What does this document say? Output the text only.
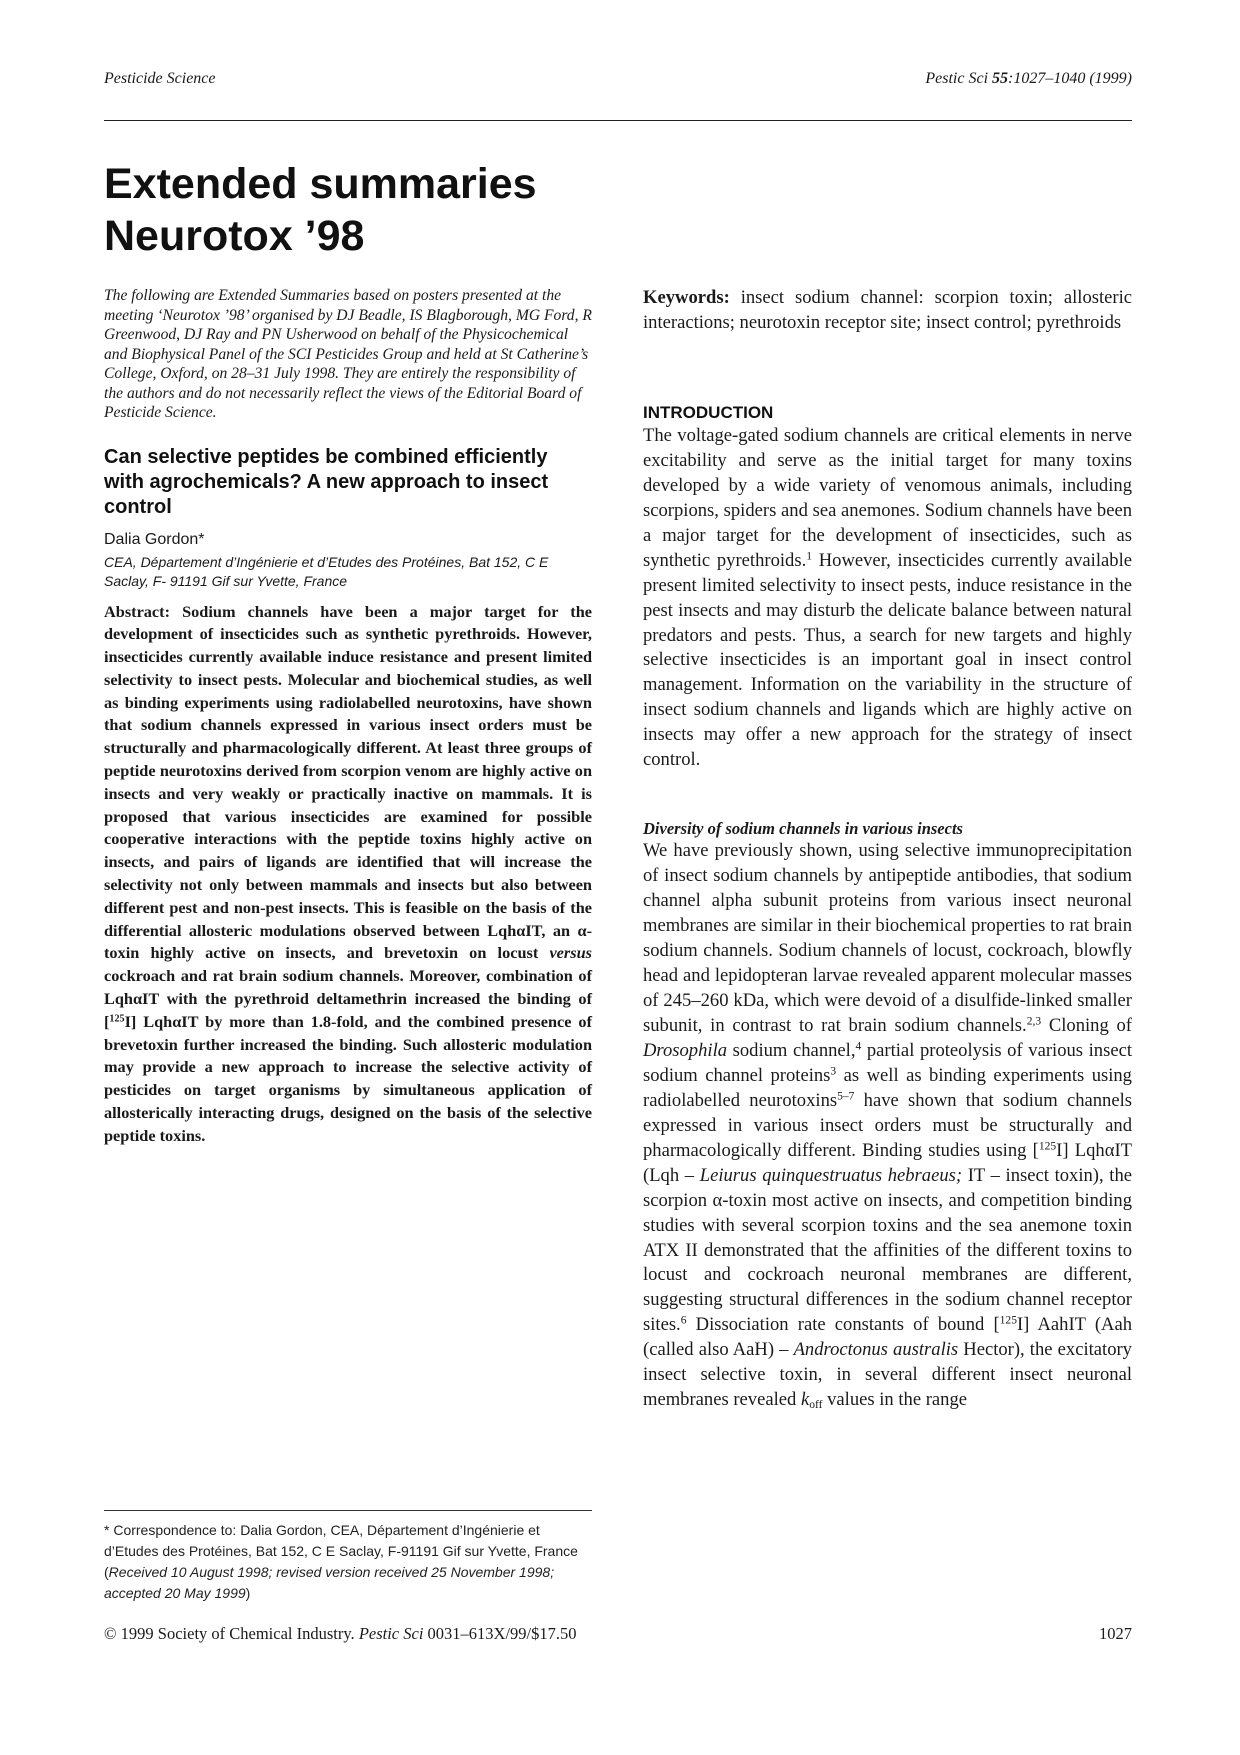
Pesticide Science	Pestic Sci 55:1027–1040 (1999)
Extended summaries
Neurotox ’98

The following are Extended Summaries based on posters presented at the meeting ‘Neurotox ’98’ organised by DJ Beadle, IS Blagborough, MG Ford, R Greenwood, DJ Ray and PN Usherwood on behalf of the Physicochemical and Biophysical Panel of the SCI Pesticides Group and held at St Catherine’s College, Oxford, on 28–31 July 1998. They are entirely the responsibility of the authors and do not necessarily reflect the views of the Editorial Board of Pesticide Science.

Can selective peptides be combined efficiently with agrochemicals? A new approach to insect control
Dalia Gordon*
CEA, Département d’Ingénierie et d’Etudes des Protéines, Bat 152, C E Saclay, F- 91191 Gif sur Yvette, France
Abstract: Sodium channels have been a major target for the development of insecticides such as synthetic pyrethroids. However, insecticides currently available induce resistance and present limited selectivity to insect pests. Molecular and biochemical studies, as well as binding experiments using radiolabelled neurotoxins, have shown that sodium channels expressed in various insect orders must be structurally and pharmacologically different. At least three groups of peptide neurotoxins derived from scorpion venom are highly active on insects and very weakly or practically inactive on mammals. It is proposed that various insecticides are examined for possible cooperative interactions with the peptide toxins highly active on insects, and pairs of ligands are identified that will increase the selectivity not only between mammals and insects but also between different pest and non-pest insects. This is feasible on the basis of the differential allosteric modulations observed between LqhαIT, an α-toxin highly active on insects, and brevetoxin on locust versus cockroach and rat brain sodium channels. Moreover, combination of LqhαIT with the pyrethroid deltamethrin increased the binding of [$^{125}$I] LqhαIT by more than 1.8-fold, and the combined presence of brevetoxin further increased the binding. Such allosteric modulation may provide a new approach to increase the selective activity of pesticides on target organisms by simultaneous application of allosterically interacting drugs, designed on the basis of the selective peptide toxins.
* Correspondence to: Dalia Gordon, CEA, Département d’Ingénierie et d’Etudes des Protéines, Bat 152, C E Saclay, F-91191 Gif sur Yvette, France
(Received 10 August 1998; revised version received 25 November 1998; accepted 20 May 1999)

Keywords: insect sodium channel: scorpion toxin; allosteric interactions; neurotoxin receptor site; insect control; pyrethroids

INTRODUCTION

The voltage-gated sodium channels are critical elements in nerve excitability and serve as the initial target for many toxins developed by a wide variety of venomous animals, including scorpions, spiders and sea anemones. Sodium channels have been a major target for the development of insecticides, such as synthetic pyrethroids.$^1$ However, insecticides currently available present limited selectivity to insect pests, induce resistance in the pest insects and may disturb the delicate balance between natural predators and pests. Thus, a search for new targets and highly selective insecticides is an important goal in insect control management. Information on the variability in the structure of insect sodium channels and ligands which are highly active on insects may offer a new approach for the strategy of insect control.

Diversity of sodium channels in various insects

We have previously shown, using selective immunoprecipitation of insect sodium channels by antipeptide antibodies, that sodium channel alpha subunit proteins from various insect neuronal membranes are similar in their biochemical properties to rat brain sodium channels. Sodium channels of locust, cockroach, blowfly head and lepidopteran larvae revealed apparent molecular masses of 245–260 kDa, which were devoid of a disulfide-linked smaller subunit, in contrast to rat brain sodium channels.$^{2,3}$ Cloning of Drosophila sodium channel,$^4$ partial proteolysis of various insect sodium channel proteins$^3$ as well as binding experiments using radiolabelled neurotoxins$^{5-7}$ have shown that sodium channels expressed in various insect orders must be structurally and pharmacologically different. Binding studies using [$^{125}$I] LqhαIT (Lqh – Leiurus quinquestruatus hebraeus; IT – insect toxin), the scorpion α-toxin most active on insects, and competition binding studies with several scorpion toxins and the sea anemone toxin ATX II demonstrated that the affinities of the different toxins to locust and cockroach neuronal membranes are different, suggesting structural differences in the sodium channel receptor sites.$^6$ Dissociation rate constants of bound [$^{125}$I] AahIT (Aah (called also AaH) – Androctonus australis Hector), the excitatory insect selective toxin, in several different insect neuronal membranes revealed $k_{off}$ values in the range

© 1999 Society of Chemical Industry. Pestic Sci 0031–613X/99/$17.50	1027
